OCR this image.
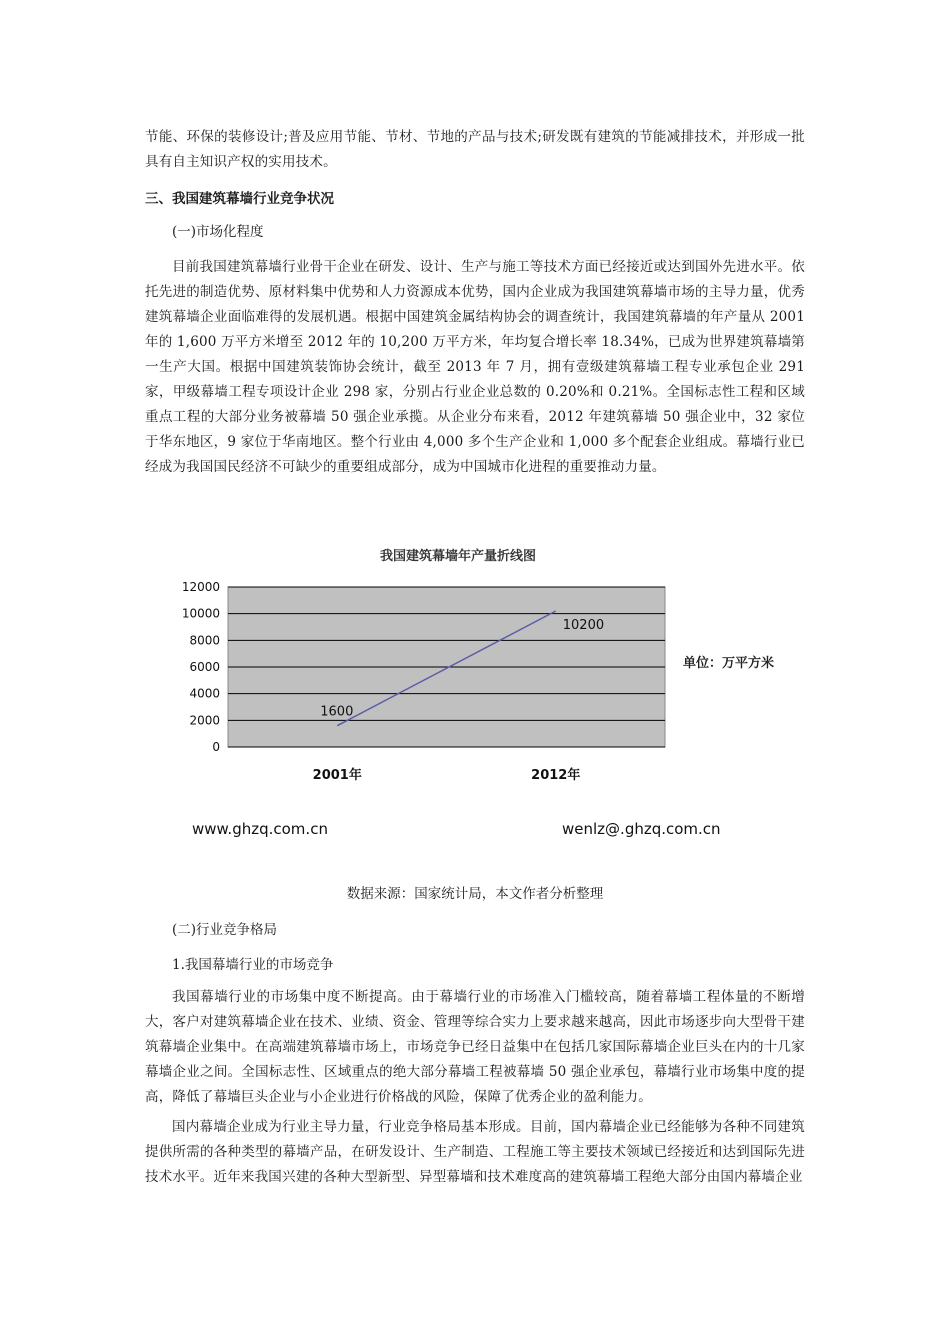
节能、环保的装修设计;普及应用节能、节材、节地的产品与技术;研发既有建筑的节能减排技术，并形成一批具有自主知识产权的实用技术。
三、我国建筑幕墙行业竞争状况
(一)市场化程度
目前我国建筑幕墙行业骨干企业在研发、设计、生产与施工等技术方面已经接近或达到国外先进水平。依托先进的制造优势、原材料集中优势和人力资源成本优势，国内企业成为我国建筑幕墙市场的主导力量，优秀建筑幕墙企业面临难得的发展机遇。根据中国建筑金属结构协会的调查统计，我国建筑幕墙的年产量从 2001 年的 1,600 万平方米增至 2012 年的 10,200 万平方米，年均复合增长率 18.34%，已成为世界建筑幕墙第一生产大国。根据中国建筑装饰协会统计，截至 2013 年 7 月，拥有壹级建筑幕墙工程专业承包企业 291 家，甲级幕墙工程专项设计企业 298 家，分别占行业企业总数的 0.20%和 0.21%。全国标志性工程和区域重点工程的大部分业务被幕墙 50 强企业承揽。从企业分布来看，2012 年建筑幕墙 50 强企业中，32 家位于华东地区，9 家位于华南地区。整个行业由 4,000 多个生产企业和 1,000 多个配套企业组成。幕墙行业已经成为我国国民经济不可缺少的重要组成部分，成为中国城市化进程的重要推动力量。
我国建筑幕墙年产量折线图
0
2000
4000
6000
8000
10000
12000
2001年	2012年
1600
10200
单位：万平方米
www.ghzq.com.cn	wenlz@.ghzq.com.cn
数据来源：国家统计局，本文作者分析整理
(二)行业竞争格局
1.我国幕墙行业的市场竞争
我国幕墙行业的市场集中度不断提高。由于幕墙行业的市场准入门槛较高，随着幕墙工程体量的不断增大，客户对建筑幕墙企业在技术、业绩、资金、管理等综合实力上要求越来越高，因此市场逐步向大型骨干建筑幕墙企业集中。在高端建筑幕墙市场上，市场竞争已经日益集中在包括几家国际幕墙企业巨头在内的十几家幕墙企业之间。全国标志性、区域重点的绝大部分幕墙工程被幕墙 50 强企业承包，幕墙行业市场集中度的提高，降低了幕墙巨头企业与小企业进行价格战的风险，保障了优秀企业的盈利能力。
国内幕墙企业成为行业主导力量，行业竞争格局基本形成。目前，国内幕墙企业已经能够为各种不同建筑提供所需的各种类型的幕墙产品，在研发设计、生产制造、工程施工等主要技术领域已经接近和达到国际先进技术水平。近年来我国兴建的各种大型新型、异型幕墙和技术难度高的建筑幕墙工程绝大部分由国内幕墙企业
